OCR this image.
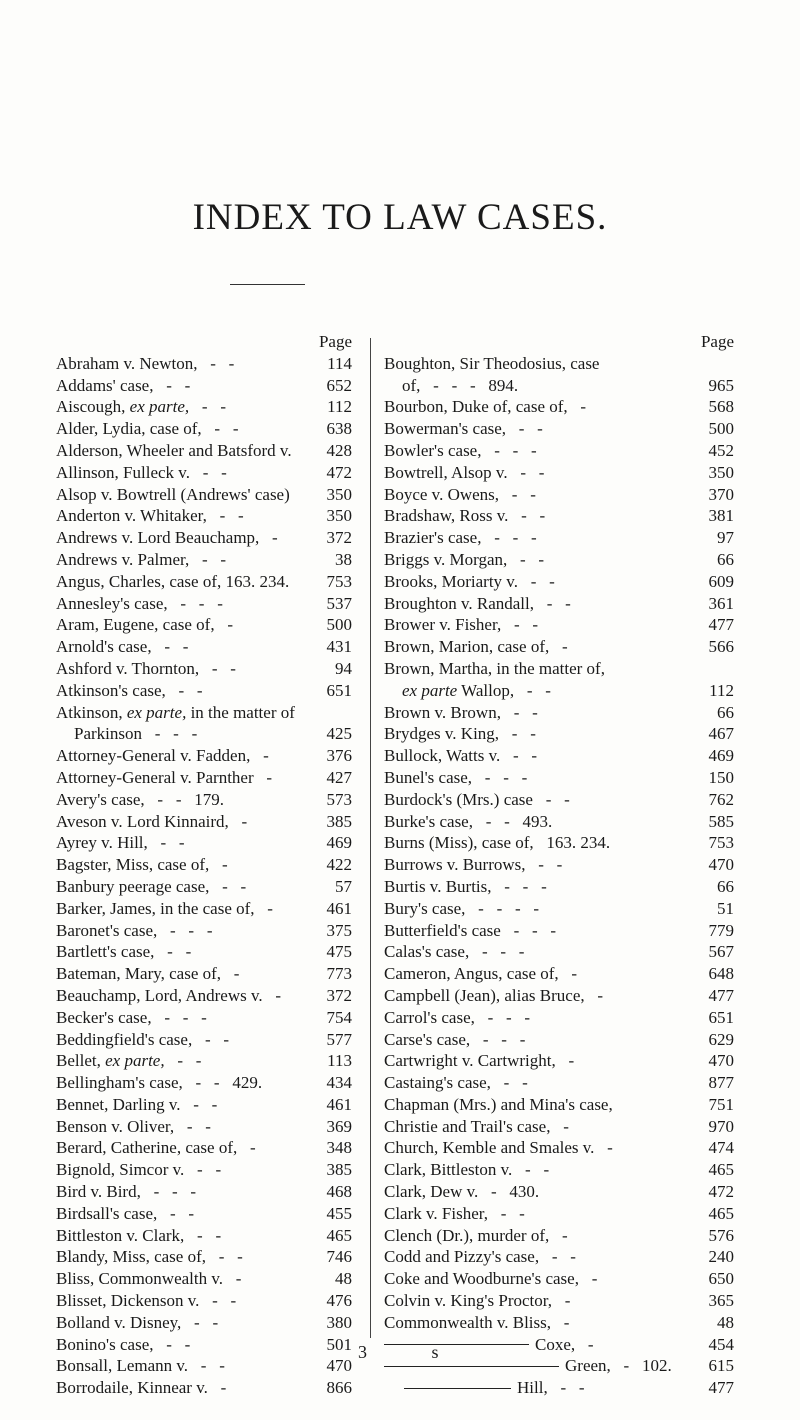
INDEX TO LAW CASES.
Page
Abraham v. Newton,   -   -	114
Addams' case,   -   -	652
Aiscough, ex parte,   -   -	112
Alder, Lydia, case of,   -   -	638
Alderson, Wheeler and Batsford v. 428
Allinson, Fulleck v.   -   -	472
Alsop v. Bowtrell (Andrews' case) 350
Anderton v. Whitaker,   -   -	350
Andrews v. Lord Beauchamp,   -	372
Andrews v. Palmer,   -   -	38
Angus, Charles, case of, 163. 234. 753
Annesley's case,   -   -   -	537
Aram, Eugene, case of,   -	500
Arnold's case,   -   -	431
Ashford v. Thornton,   -   -	94
Atkinson's case,   -   -	651
Atkinson, ex parte, in the matter of
Parkinson   -   -   -	425
Attorney-General v. Fadden,   -	376
Attorney-General v. Parnther   -	427
Avery's case,   -   -   179.	573
Aveson v. Lord Kinnaird,   -	385
Ayrey v. Hill,   -   -	469
Bagster, Miss, case of,   -	422
Banbury peerage case,   -   -	57
Barker, James, in the case of,   -	461
Baronet's case,   -   -   -	375
Bartlett's case,   -   -	475
Bateman, Mary, case of,   -	773
Beauchamp, Lord, Andrews v.   -	372
Becker's case,   -   -   -	754
Beddingfield's case,   -   -	577
Bellet, ex parte,   -   -	113
Bellingham's case,   -   -   429.	434
Bennet, Darling v.   -   -	461
Benson v. Oliver,   -   -	369
Berard, Catherine, case of,   -	348
Bignold, Simcor v.   -   -	385
Bird v. Bird,   -   -   -	468
Birdsall's case,   -   -	455
Bittleston v. Clark,   -   -	465
Blandy, Miss, case of,   -   -	746
Bliss, Commonwealth v.   -	48
Blisset, Dickenson v.   -   -	476
Bolland v. Disney,   -   -	380
Bonino's case,   -   -	501
Bonsall, Lemann v.   -   -	470
Borrodaile, Kinnear v.   -	866
Page
Boughton, Sir Theodosius, case
of,   -   -   -   894.	965
Bourbon, Duke of, case of,   -	568
Bowerman's case,   -   -	500
Bowler's case,   -   -   -	452
Bowtrell, Alsop v.   -   -	350
Boyce v. Owens,   -   -	370
Bradshaw, Ross v.   -   -	381
Brazier's case,   -   -   -	97
Briggs v. Morgan,   -   -	66
Brooks, Moriarty v.   -   -	609
Broughton v. Randall,   -   -	361
Brower v. Fisher,   -   -	477
Brown, Marion, case of,   -	566
Brown, Martha, in the matter of,
ex parte Wallop,   -   -	112
Brown v. Brown,   -   -	66
Brydges v. King,   -   -	467
Bullock, Watts v.   -   -	469
Bunel's case,   -   -   -	150
Burdock's (Mrs.) case   -   -	762
Burke's case,   -   -   493.	585
Burns (Miss), case of,   163. 234.	753
Burrows v. Burrows,   -   -	470
Burtis v. Burtis,   -   -   -	66
Bury's case,   -   -   -   -	51
Butterfield's case   -   -   -	779
Calas's case,   -   -   -	567
Cameron, Angus, case of,   -	648
Campbell (Jean), alias Bruce,   -	477
Carrol's case,   -   -   -	651
Carse's case,   -   -   -	629
Cartwright v. Cartwright,   -	470
Castaing's case,   -   -	877
Chapman (Mrs.) and Mina's case,	751
Christie and Trail's case,   -	970
Church, Kemble and Smales v.   -	474
Clark, Bittleston v.   -   -	465
Clark, Dew v.   -   430.	472
Clark v. Fisher,   -   -	465
Clench (Dr.), murder of,   -	576
Codd and Pizzy's case,   -   -	240
Coke and Woodburne's case,   -	650
Colvin v. King's Proctor,   -	365
Commonwealth v. Bliss,   -	48
Coxe,   -	454
Green,   -   102. 615
Hill,   -   -	477
3 s
